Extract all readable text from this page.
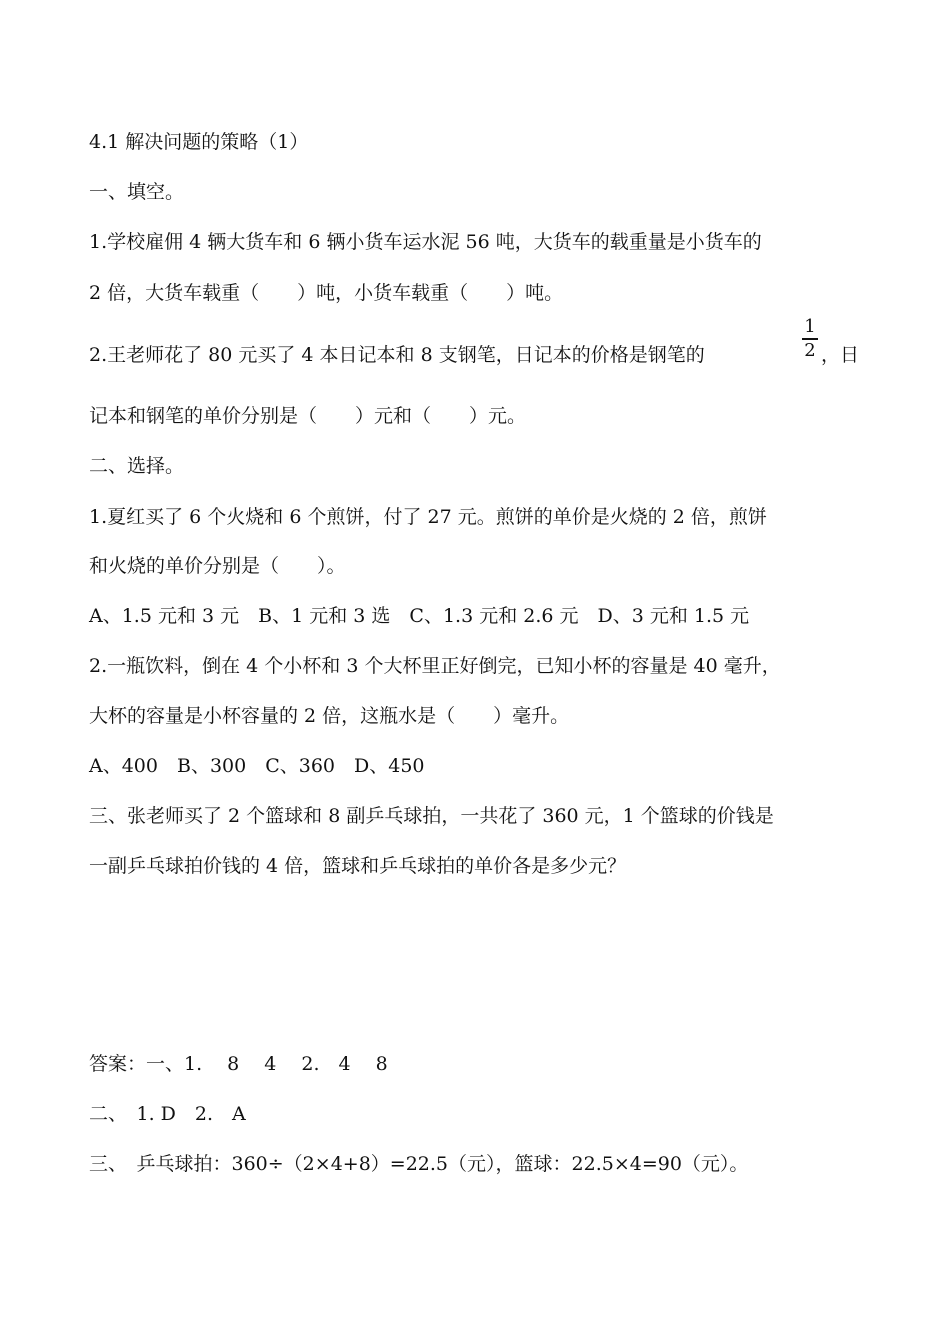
4.1 解决问题的策略（1）
一、填空。
1.学校雇佣 4 辆大货车和 6 辆小货车运水泥 56 吨，大货车的载重量是小货车的
2 倍，大货车载重（　　）吨，小货车载重（　　）吨。
2.王老师花了 80 元买了 4 本日记本和 8 支钢笔，日记本的价格是钢笔的
1
2 ，日
记本和钢笔的单价分别是（　　）元和（　　）元。
二、选择。
1.夏红买了 6 个火烧和 6 个煎饼，付了 27 元。煎饼的单价是火烧的 2 倍，煎饼
和火烧的单价分别是（　　）。
A、1.5 元和 3 元　B、1 元和 3 选　C、1.3 元和 2.6 元　D、3 元和 1.5 元
2.一瓶饮料，倒在 4 个小杯和 3 个大杯里正好倒完，已知小杯的容量是 40 毫升，
大杯的容量是小杯容量的 2 倍，这瓶水是（　　）毫升。
A、400　B、300　C、360　D、450
三、张老师买了 2 个篮球和 8 副乒乓球拍，一共花了 360 元，1 个篮球的价钱是
一副乒乓球拍价钱的 4 倍，篮球和乒乓球拍的单价各是多少元？
答案：一、1.　 8　 4　 2.　4　 8
二、　1. D　2.　A
三、　乒乓球拍：360÷（2×4+8）=22.5（元），篮球：22.5×4=90（元）。
